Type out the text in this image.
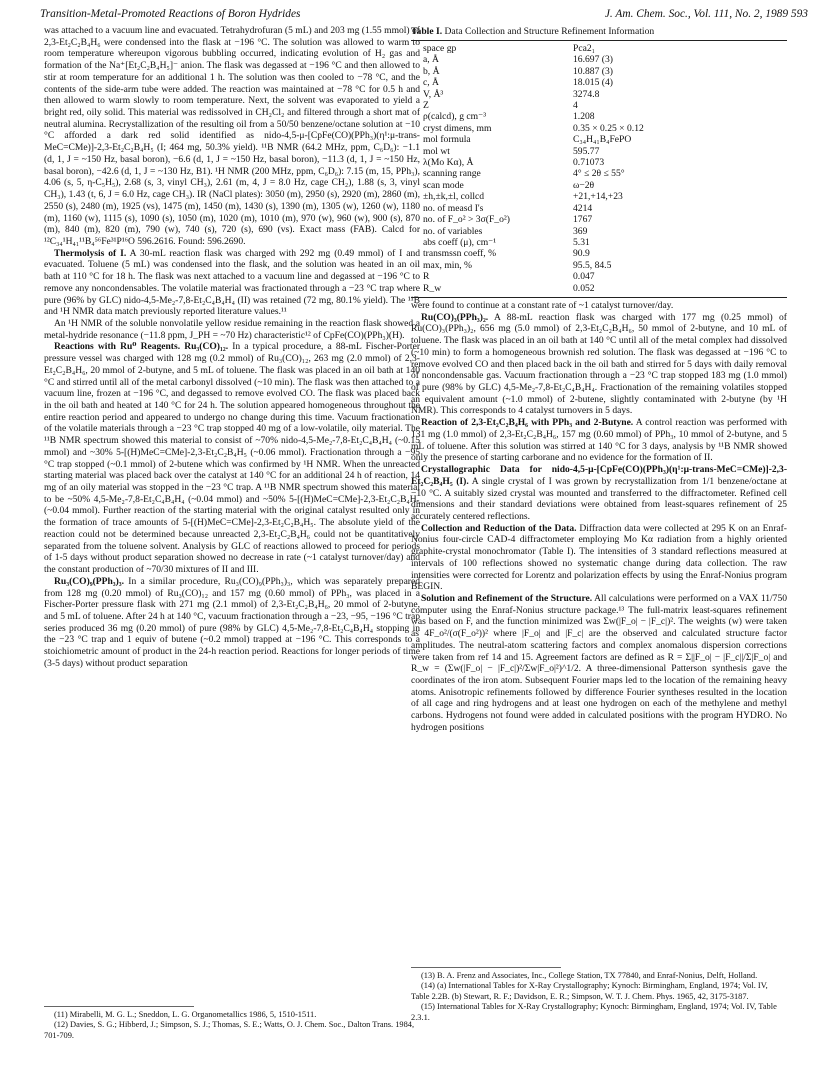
Transition-Metal-Promoted Reactions of Boron Hydrides	J. Am. Chem. Soc., Vol. 111, No. 2, 1989 593

was attached to a vacuum line and evacuated. Tetrahydrofuran (5 mL) and 203 mg (1.55 mmol) of 2,3-Et₂C₂B₄H₆ were condensed into the flask at −196 °C. The solution was allowed to warm to room temperature whereupon vigorous bubbling occurred, indicating evolution of H₂ gas and formation of the Na⁺[Et₂C₂B₄H₅]⁻ anion. The flask was degassed at −196 °C and then allowed to stir at room temperature for an additional 1 h. The solution was then cooled to −78 °C, and the contents of the side-arm tube were added. The reaction was maintained at −78 °C for 0.5 h and then allowed to warm slowly to room temperature. Next, the solvent was evaporated to yield a bright red, oily solid. This material was redissolved in CH₂Cl₂ and filtered through a short mat of neutral alumina. Recrystallization of the resulting oil from a 50/50 benzene/octane solution at −10 °C afforded a dark red solid identified as nido-4,5-μ-[CpFe(CO)(PPh₃)(η¹:μ-trans-MeC=CMe)]-2,3-Et₂C₂B₄H₅ (I; 464 mg, 50.3% yield). ¹¹B NMR (64.2 MHz, ppm, C₆D₆): −1.1 (d, 1, J = ~150 Hz, basal boron), −6.6 (d, 1, J = ~150 Hz, basal boron), −11.3 (d, 1, J = ~150 Hz, basal boron), −42.6 (d, 1, J = ~130 Hz, B1). ¹H NMR (200 MHz, ppm, C₆D₆): 7.15 (m, 15, PPh₃), 4.06 (s, 5, η-C₅H₅), 2.68 (s, 3, vinyl CH₃), 2.61 (m, 4, J = 8.0 Hz, cage CH₂), 1.88 (s, 3, vinyl CH₃), 1.43 (t, 6, J = 6.0 Hz, cage CH₃). IR (NaCl plates): 3050 (m), 2950 (s), 2920 (m), 2860 (m), 2550 (s), 2480 (m), 1925 (vs), 1475 (m), 1450 (m), 1430 (s), 1390 (m), 1305 (w), 1260 (w), 1180 (m), 1160 (w), 1115 (s), 1090 (s), 1050 (m), 1020 (m), 1010 (m), 970 (w), 960 (w), 900 (s), 870 (m), 840 (m), 820 (m), 790 (w), 740 (s), 720 (s), 690 (vs). Exact mass (FAB). Calcd for ¹²C₃₄¹H₄₁¹¹B₄⁵⁶Fe³¹P¹⁶O 596.2616. Found: 596.2690.

Thermolysis of I. A 30-mL reaction flask was charged with 292 mg (0.49 mmol) of I and evacuated. Toluene (5 mL) was condensed into the flask, and the solution was heated in an oil bath at 110 °C for 18 h. The flask was next attached to a vacuum line and degassed at −196 °C to remove any noncondensables. The volatile material was fractionated through a −23 °C trap where pure (96% by GLC) nido-4,5-Me₂-7,8-Et₂C₄B₄H₄ (II) was retained (72 mg, 80.1% yield). The ¹¹B and ¹H NMR data match previously reported literature values.¹¹

An ¹H NMR of the soluble nonvolatile yellow residue remaining in the reaction flask showed a metal-hydride resonance (−11.8 ppm, J_PH = ~70 Hz) characteristic¹² of CpFe(CO)(PPh₃)(H).

Reactions with Ru⁰ Reagents. Ru₃(CO)₁₂. In a typical procedure, a 88-mL Fischer-Porter pressure vessel was charged with 128 mg (0.2 mmol) of Ru₃(CO)₁₂, 263 mg (2.0 mmol) of 2,3-Et₂C₂B₄H₆, 20 mmol of 2-butyne, and 5 mL of toluene. The flask was placed in an oil bath at 140 °C and stirred until all of the metal carbonyl dissolved (~10 min). The flask was then attached to a vacuum line, frozen at −196 °C, and degassed to remove evolved CO. The flask was placed back in the oil bath and heated at 140 °C for 24 h. The solution appeared homogeneous throughout the entire reaction period and appeared to undergo no change during this time. Vacuum fractionation of the volatile materials through a −23 °C trap stopped 40 mg of a low-volatile, oily material. The ¹¹B NMR spectrum showed this material to consist of ~70% nido-4,5-Me₂-7,8-Et₂C₄B₄H₄ (~0.15 mmol) and ~30% 5-[(H)MeC=CMe]-2,3-Et₂C₂B₄H₅ (~0.06 mmol). Fractionation through a −95 °C trap stopped (~0.1 mmol) of 2-butene which was confirmed by ¹H NMR. When the unreacted starting material was placed back over the catalyst at 140 °C for an additional 24 h of reaction, 14 mg of an oily material was stopped in the −23 °C trap. A ¹¹B NMR spectrum showed this material to be ~50% 4,5-Me₂-7,8-Et₂C₄B₄H₄ (~0.04 mmol) and ~50% 5-[(H)MeC=CMe]-2,3-Et₂C₂B₄H₅ (~0.04 mmol). Further reaction of the starting material with the original catalyst resulted only in the formation of trace amounts of 5-[(H)MeC=CMe]-2,3-Et₂C₂B₄H₅. The absolute yield of the reaction could not be determined because unreacted 2,3-Et₂C₂B₄H₆ could not be quantitatively separated from the toluene solvent. Analysis by GLC of reactions allowed to proceed for periods of 1-5 days without product separation showed no decrease in rate (~1 catalyst turnover/day) and the constant production of ~70/30 mixtures of II and III.

Ru₃(CO)₉(PPh₃)₃. In a similar procedure, Ru₃(CO)₉(PPh₃)₃, which was separately prepared from 128 mg (0.20 mmol) of Ru₃(CO)₁₂ and 157 mg (0.60 mmol) of PPh₃, was placed in a Fischer-Porter pressure flask with 271 mg (2.1 mmol) of 2,3-Et₂C₂B₄H₆, 20 mmol of 2-butyne, and 5 mL of toluene. After 24 h at 140 °C, vacuum fractionation through a −23, −95, −196 °C trap series produced 36 mg (0.20 mmol) of pure (98% by GLC) 4,5-Me₂-7,8-Et₂C₄B₄H₄ stopping in the −23 °C trap and 1 equiv of butene (~0.2 mmol) trapped at −196 °C. This corresponds to a stoichiometric amount of product in the 24-h reaction period. Reactions for longer periods of time (3-5 days) without product separation

Table I. Data Collection and Structure Refinement Information
space gp	Pca2₁
a, Å	16.697 (3)
b, Å	10.887 (3)
c, Å	18.015 (4)
V, Å³	3274.8
Z	4
ρ(calcd), g cm⁻³	1.208
cryst dimens, mm	0.35 × 0.25 × 0.12
mol formula	C₃₄H₄₁B₄FePO
mol wt	595.77
λ(Mo Kα), Å	0.71073
scanning range	4° ≤ 2θ ≤ 55°
scan mode	ω−2θ
±h,±k,±l, collcd	+21,+14,+23
no. of measd I's	4214
no. of F_o² > 3σ(F_o²)	1767
no. of variables	369
abs coeff (μ), cm⁻¹	5.31
transmssn coeff, %	90.9
max, min, %	95.5, 84.5
R	0.047
R_w	0.052

were found to continue at a constant rate of ~1 catalyst turnover/day.

Ru(CO)₃(PPh₃)₂. A 88-mL reaction flask was charged with 177 mg (0.25 mmol) of Ru(CO)₃(PPh₃)₂, 656 mg (5.0 mmol) of 2,3-Et₂C₂B₄H₆, 50 mmol of 2-butyne, and 10 mL of toluene. The flask was placed in an oil bath at 140 °C until all of the metal complex had dissolved (~10 min) to form a homogeneous brownish red solution. The flask was degassed at −196 °C to remove evolved CO and then placed back in the oil bath and stirred for 5 days with daily removal of noncondensable gas. Vacuum fractionation through a −23 °C trap stopped 183 mg (1.0 mmol) of pure (98% by GLC) 4,5-Me₂-7,8-Et₂C₄B₄H₄. Fractionation of the remaining volatiles stopped an equivalent amount (~1.0 mmol) of 2-butene, slightly contaminated with 2-butyne (by ¹H NMR). This corresponds to 4 catalyst turnovers in 5 days.

Reaction of 2,3-Et₂C₂B₄H₆ with PPh₃ and 2-Butyne. A control reaction was performed with 131 mg (1.0 mmol) of 2,3-Et₂C₂B₄H₆, 157 mg (0.60 mmol) of PPh₃, 10 mmol of 2-butyne, and 5 mL of toluene. After this solution was stirred at 140 °C for 3 days, analysis by ¹¹B NMR showed only the presence of starting carborane and no evidence for the formation of II.

Crystallographic Data for nido-4,5-μ-[CpFe(CO)(PPh₃)(η¹:μ-trans-MeC=CMe)]-2,3-Et₂C₂B₄H₅ (I). A single crystal of I was grown by recrystallization from 1/1 benzene/octane at −10 °C. A suitably sized crystal was mounted and transferred to the diffractometer. Refined cell dimensions and their standard deviations were obtained from least-squares refinement of 25 accurately centered reflections.

Collection and Reduction of the Data. Diffraction data were collected at 295 K on an Enraf-Nonius four-circle CAD-4 diffractometer employing Mo Kα radiation from a highly oriented graphite-crystal monochromator (Table I). The intensities of 3 standard reflections measured at intervals of 100 reflections showed no systematic change during data collection. The raw intensities were corrected for Lorentz and polarization effects by using the Enraf-Nonius program BEGIN.

Solution and Refinement of the Structure. All calculations were performed on a VAX 11/750 computer using the Enraf-Nonius structure package.¹³ The full-matrix least-squares refinement was based on F, and the function minimized was Σw(|F_o| − |F_c|)². The weights (w) were taken as 4F_o²/(σ(F_o²))² where |F_o| and |F_c| are the observed and calculated structure factor amplitudes. The neutral-atom scattering factors and complex anomalous dispersion corrections were taken from ref 14 and 15. Agreement factors are defined as R = Σ||F_o| − |F_c||/Σ|F_o| and R_w = (Σw(|F_o| − |F_c|)²/Σw|F_o|²)^1/2. A three-dimensional Patterson synthesis gave the coordinates of the iron atom. Subsequent Fourier maps led to the location of the remaining heavy atoms. Anisotropic refinements followed by difference Fourier syntheses resulted in the location of all cage and ring hydrogens and at least one hydrogen on each of the methylene and methyl carbons. Hydrogens not found were added in calculated positions with the program HYDRO. No hydrogen positions

(11) Mirabelli, M. G. L.; Sneddon, L. G. Organometallics 1986, 5, 1510-1511.
(12) Davies, S. G.; Hibberd, J.; Simpson, S. J.; Thomas, S. E.; Watts, O. J. Chem. Soc., Dalton Trans. 1984, 701-709.
(13) B. A. Frenz and Associates, Inc., College Station, TX 77840, and Enraf-Nonius, Delft, Holland.
(14) (a) International Tables for X-Ray Crystallography; Kynoch: Birmingham, England, 1974; Vol. IV, Table 2.2B. (b) Stewart, R. F.; Davidson, E. R.; Simpson, W. T. J. Chem. Phys. 1965, 42, 3175-3187.
(15) International Tables for X-Ray Crystallography; Kynoch: Birmingham, England, 1974; Vol. IV, Table 2.3.1.
